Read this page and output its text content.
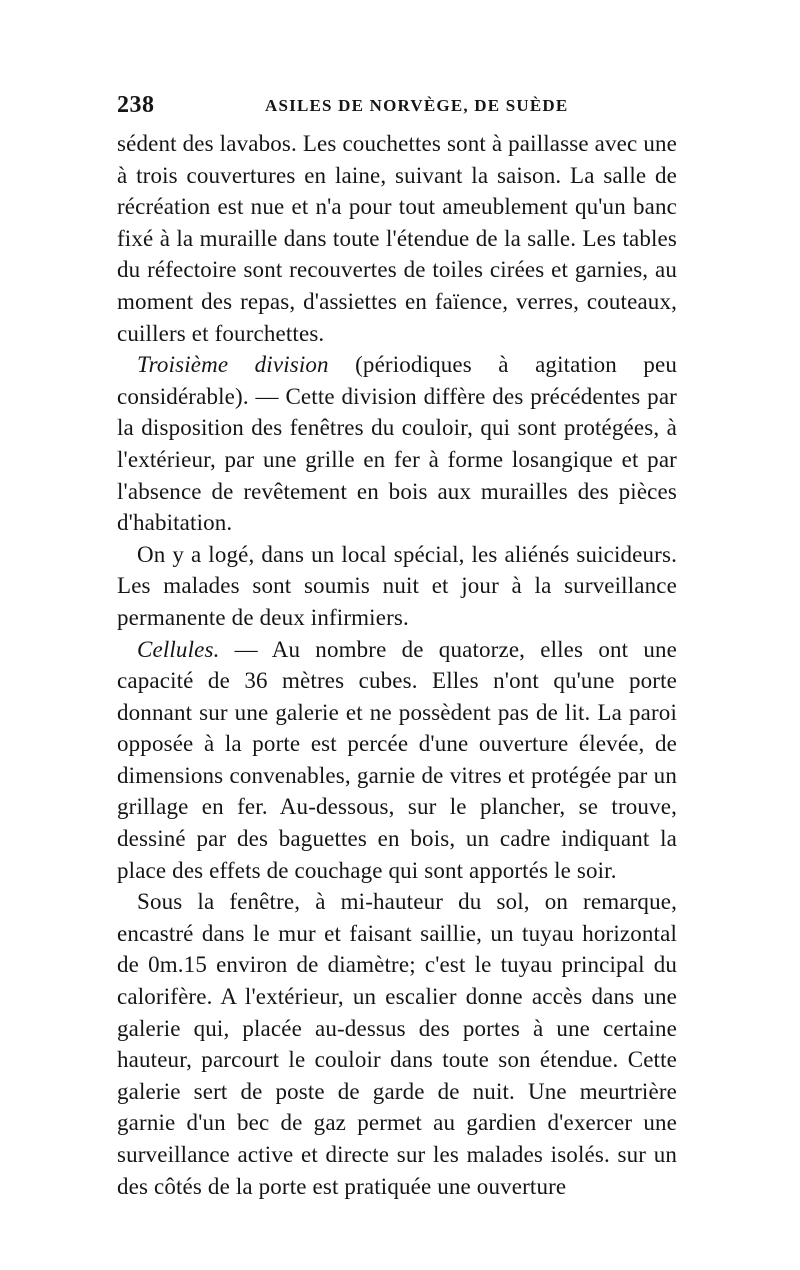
238	ASILES DE NORVÈGE, DE SUÈDE

sédent des lavabos. Les couchettes sont à paillasse avec une à trois couvertures en laine, suivant la saison. La salle de récréation est nue et n'a pour tout ameublement qu'un banc fixé à la muraille dans toute l'étendue de la salle. Les tables du réfectoire sont recouvertes de toiles cirées et garnies, au moment des repas, d'assiettes en faïence, verres, couteaux, cuillers et fourchettes.

Troisième division (périodiques à agitation peu considérable). — Cette division diffère des précédentes par la disposition des fenêtres du couloir, qui sont protégées, à l'extérieur, par une grille en fer à forme losangique et par l'absence de revêtement en bois aux murailles des pièces d'habitation.

On y a logé, dans un local spécial, les aliénés suicideurs. Les malades sont soumis nuit et jour à la surveillance permanente de deux infirmiers.

Cellules. — Au nombre de quatorze, elles ont une capacité de 36 mètres cubes. Elles n'ont qu'une porte donnant sur une galerie et ne possèdent pas de lit. La paroi opposée à la porte est percée d'une ouverture élevée, de dimensions convenables, garnie de vitres et protégée par un grillage en fer. Au-dessous, sur le plancher, se trouve, dessiné par des baguettes en bois, un cadre indiquant la place des effets de couchage qui sont apportés le soir.

Sous la fenêtre, à mi-hauteur du sol, on remarque, encastré dans le mur et faisant saillie, un tuyau horizontal de 0m.15 environ de diamètre; c'est le tuyau principal du calorifère. A l'extérieur, un escalier donne accès dans une galerie qui, placée au-dessus des portes à une certaine hauteur, parcourt le couloir dans toute son étendue. Cette galerie sert de poste de garde de nuit. Une meurtrière garnie d'un bec de gaz permet au gardien d'exercer une surveillance active et directe sur les malades isolés. sur un des côtés de la porte est pratiquée une ouverture
